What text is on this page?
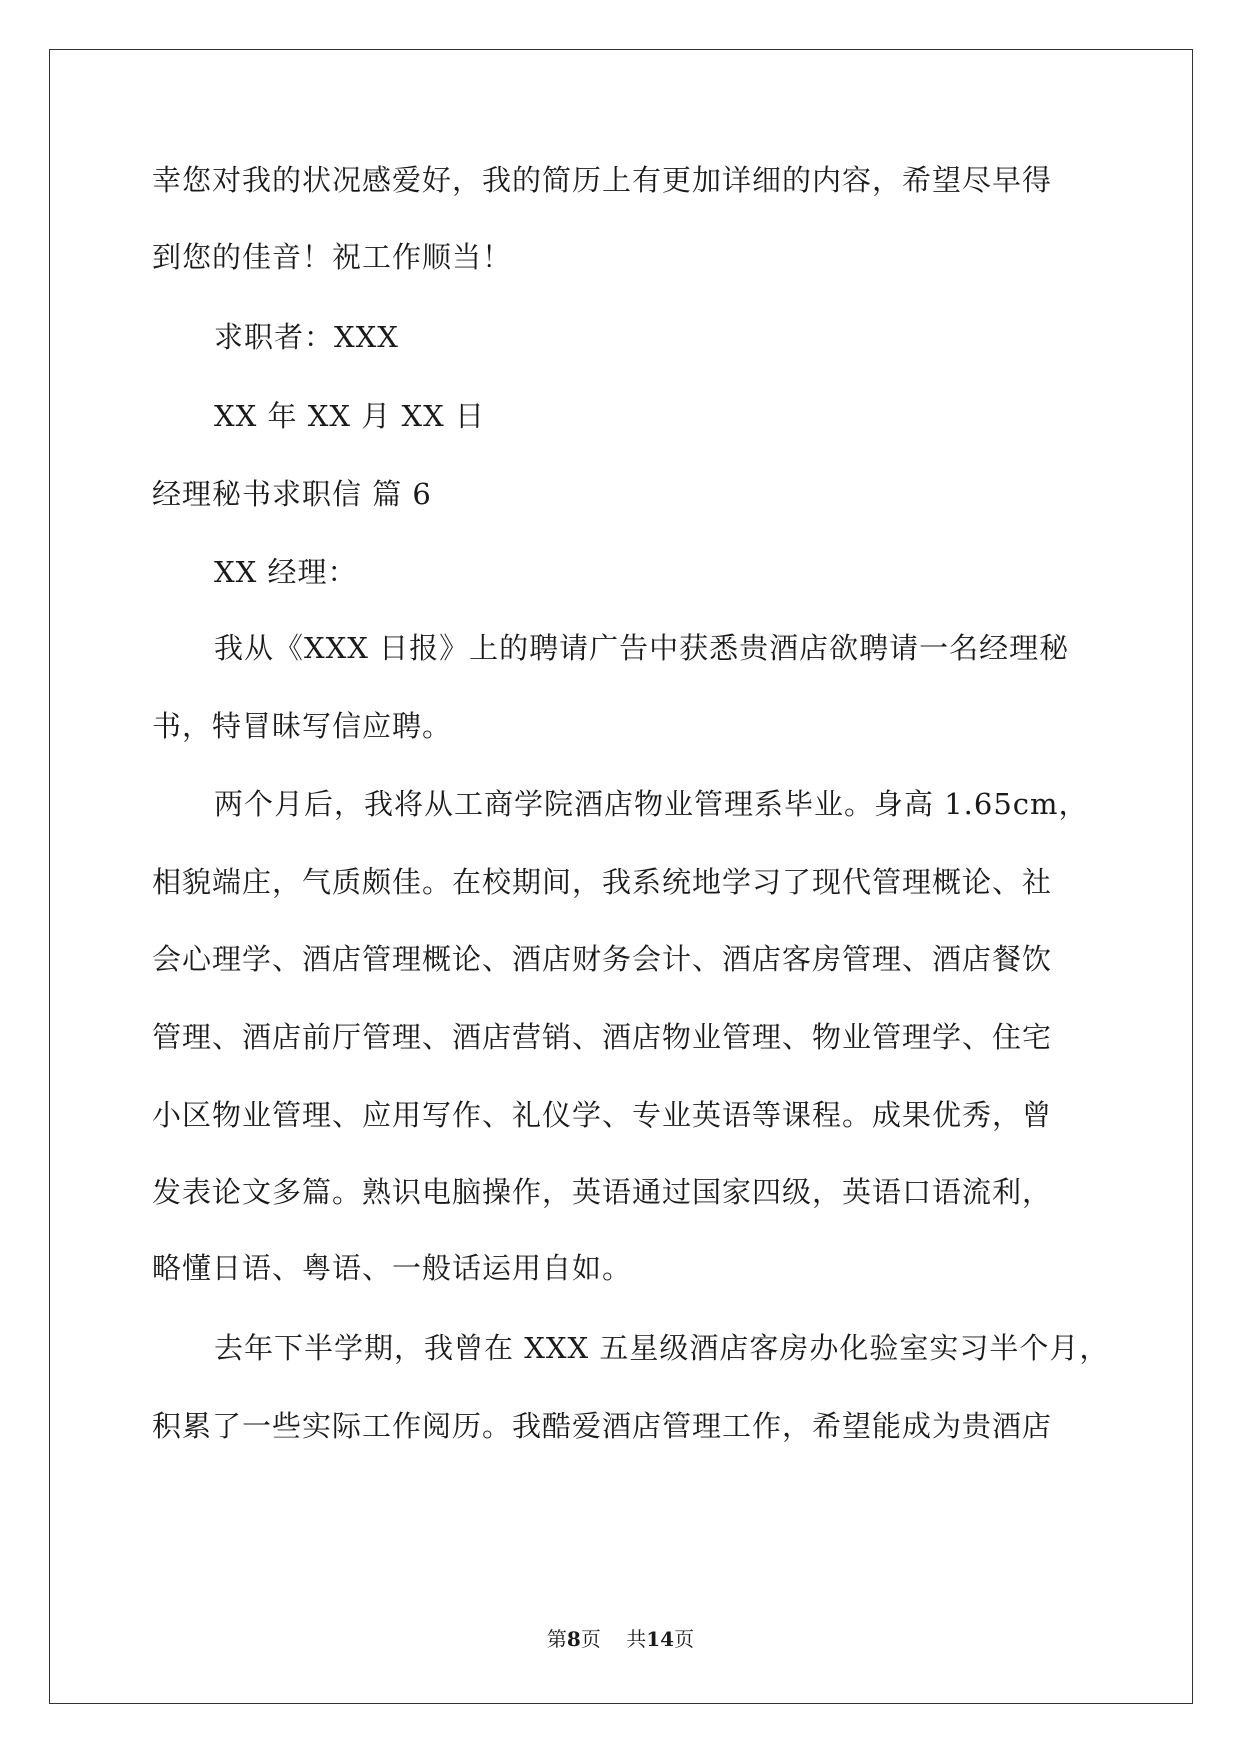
幸您对我的状况感爱好，我的简历上有更加详细的内容，希望尽早得
到您的佳音！祝工作顺当！
求职者：XXX
XX 年 XX 月 XX 日
经理秘书求职信 篇 6
XX 经理：
我从《XXX 日报》上的聘请广告中获悉贵酒店欲聘请一名经理秘
书，特冒昧写信应聘。
两个月后，我将从工商学院酒店物业管理系毕业。身高 1.65cm，
相貌端庄，气质颇佳。在校期间，我系统地学习了现代管理概论、社
会心理学、酒店管理概论、酒店财务会计、酒店客房管理、酒店餐饮
管理、酒店前厅管理、酒店营销、酒店物业管理、物业管理学、住宅
小区物业管理、应用写作、礼仪学、专业英语等课程。成果优秀，曾
发表论文多篇。熟识电脑操作，英语通过国家四级，英语口语流利，
略懂日语、粤语、一般话运用自如。
去年下半学期，我曾在 XXX 五星级酒店客房办化验室实习半个月，
积累了一些实际工作阅历。我酷爱酒店管理工作，希望能成为贵酒店
第8页 共14页
